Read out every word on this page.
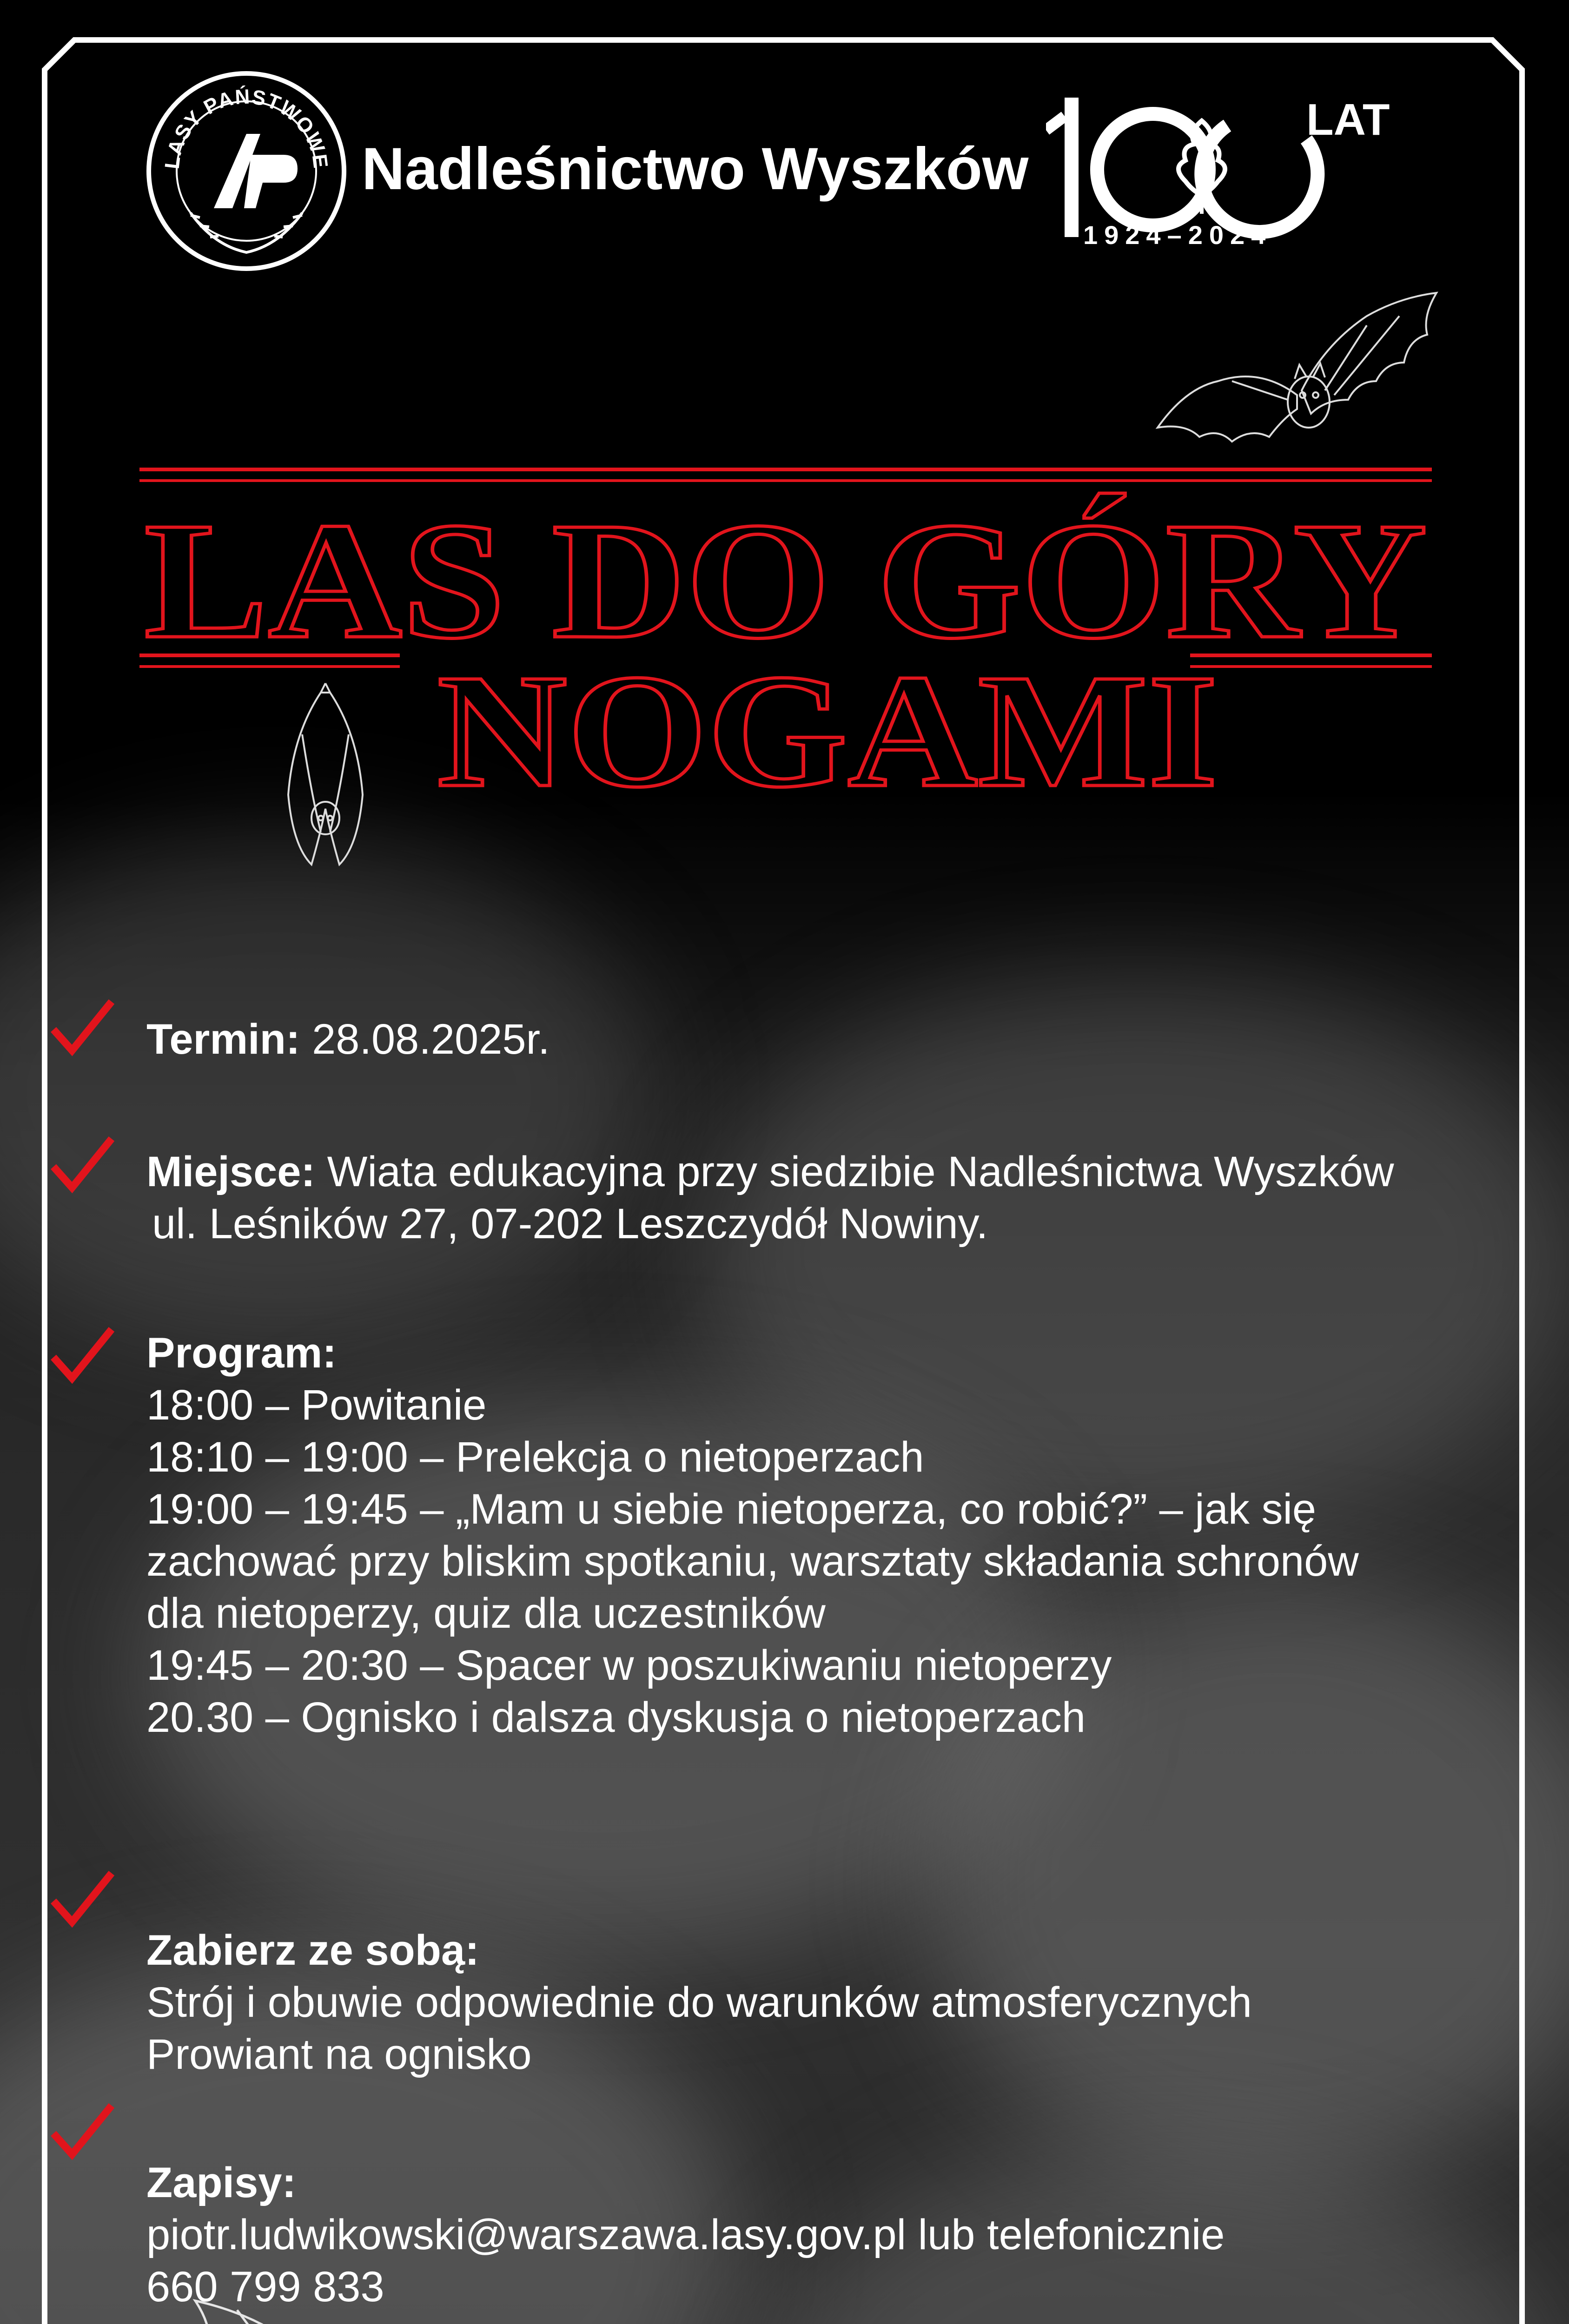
LASY PAŃSTWOWE Nadleśnictwo Wyszków
LAT
1924–2024
LAS DO GÓRY
NOGAMI
Termin: 28.08.2025r.
Miejsce: Wiata edukacyjna przy siedzibie Nadleśnictwa Wyszków
ul. Leśników 27, 07-202 Leszczydół Nowiny.
Program:
18:00 – Powitanie
18:10 – 19:00 – Prelekcja o nietoperzach
19:00 – 19:45 – „Mam u siebie nietoperza, co robić?” – jak się
zachować przy bliskim spotkaniu, warsztaty składania schronów
dla nietoperzy, quiz dla uczestników
19:45 – 20:30 – Spacer w poszukiwaniu nietoperzy
20.30 – Ognisko i dalsza dyskusja o nietoperzach
Zabierz ze sobą:
Strój i obuwie odpowiednie do warunków atmosferycznych
Prowiant na ognisko
Zapisy:
piotr.ludwikowski@warszawa.lasy.gov.pl lub telefonicznie
660 799 833
